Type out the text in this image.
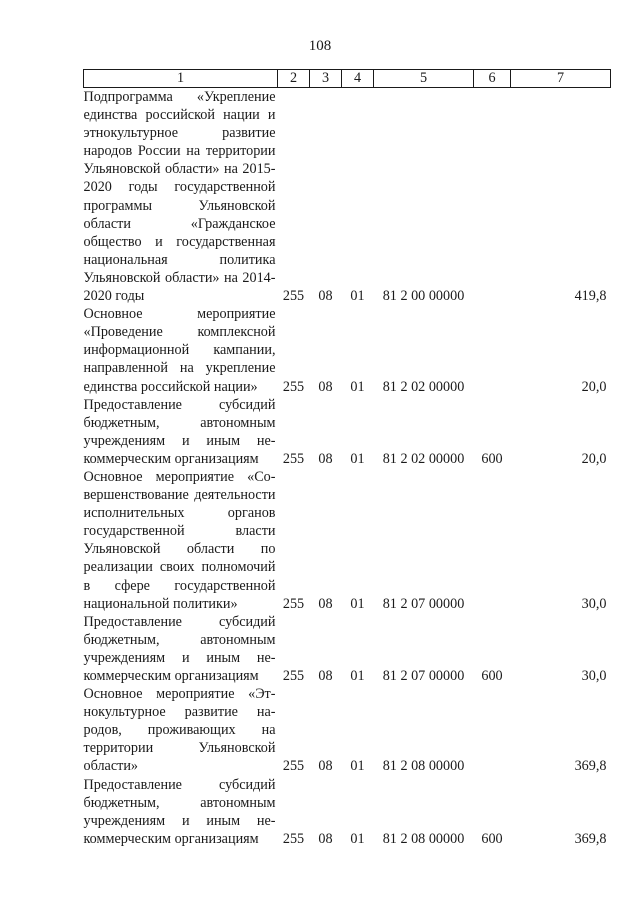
108
1	2	3	4	5	6	7
Подпрограмма «Укрепление единства российской нации и этнокультурное развитие народов России на территории Ульяновской области» на 2015-2020 годы государственной программы Ульяновской области «Гражданское общество и государственная национальная политика Ульяновской области» на 2014-2020 годы	255	08	01	81 2 00 00000		419,8
Основное мероприятие «Проведение комплексной информационной кампании, направленной на укрепление единства российской нации»	255	08	01	81 2 02 00000		20,0
Предоставление субсидий бюджетным, автономным учреждениям и иным некоммерческим организациям	255	08	01	81 2 02 00000	600	20,0
Основное мероприятие «Совершенствование деятельности исполнительных органов государственной власти Ульяновской области по реализации своих полномочий в сфере государственной национальной политики»	255	08	01	81 2 07 00000		30,0
Предоставление субсидий бюджетным, автономным учреждениям и иным некоммерческим организациям	255	08	01	81 2 07 00000	600	30,0
Основное мероприятие «Этнокультурное развитие народов, проживающих на территории Ульяновской области»	255	08	01	81 2 08 00000		369,8
Предоставление субсидий бюджетным, автономным учреждениям и иным некоммерческим организациям	255	08	01	81 2 08 00000	600	369,8
